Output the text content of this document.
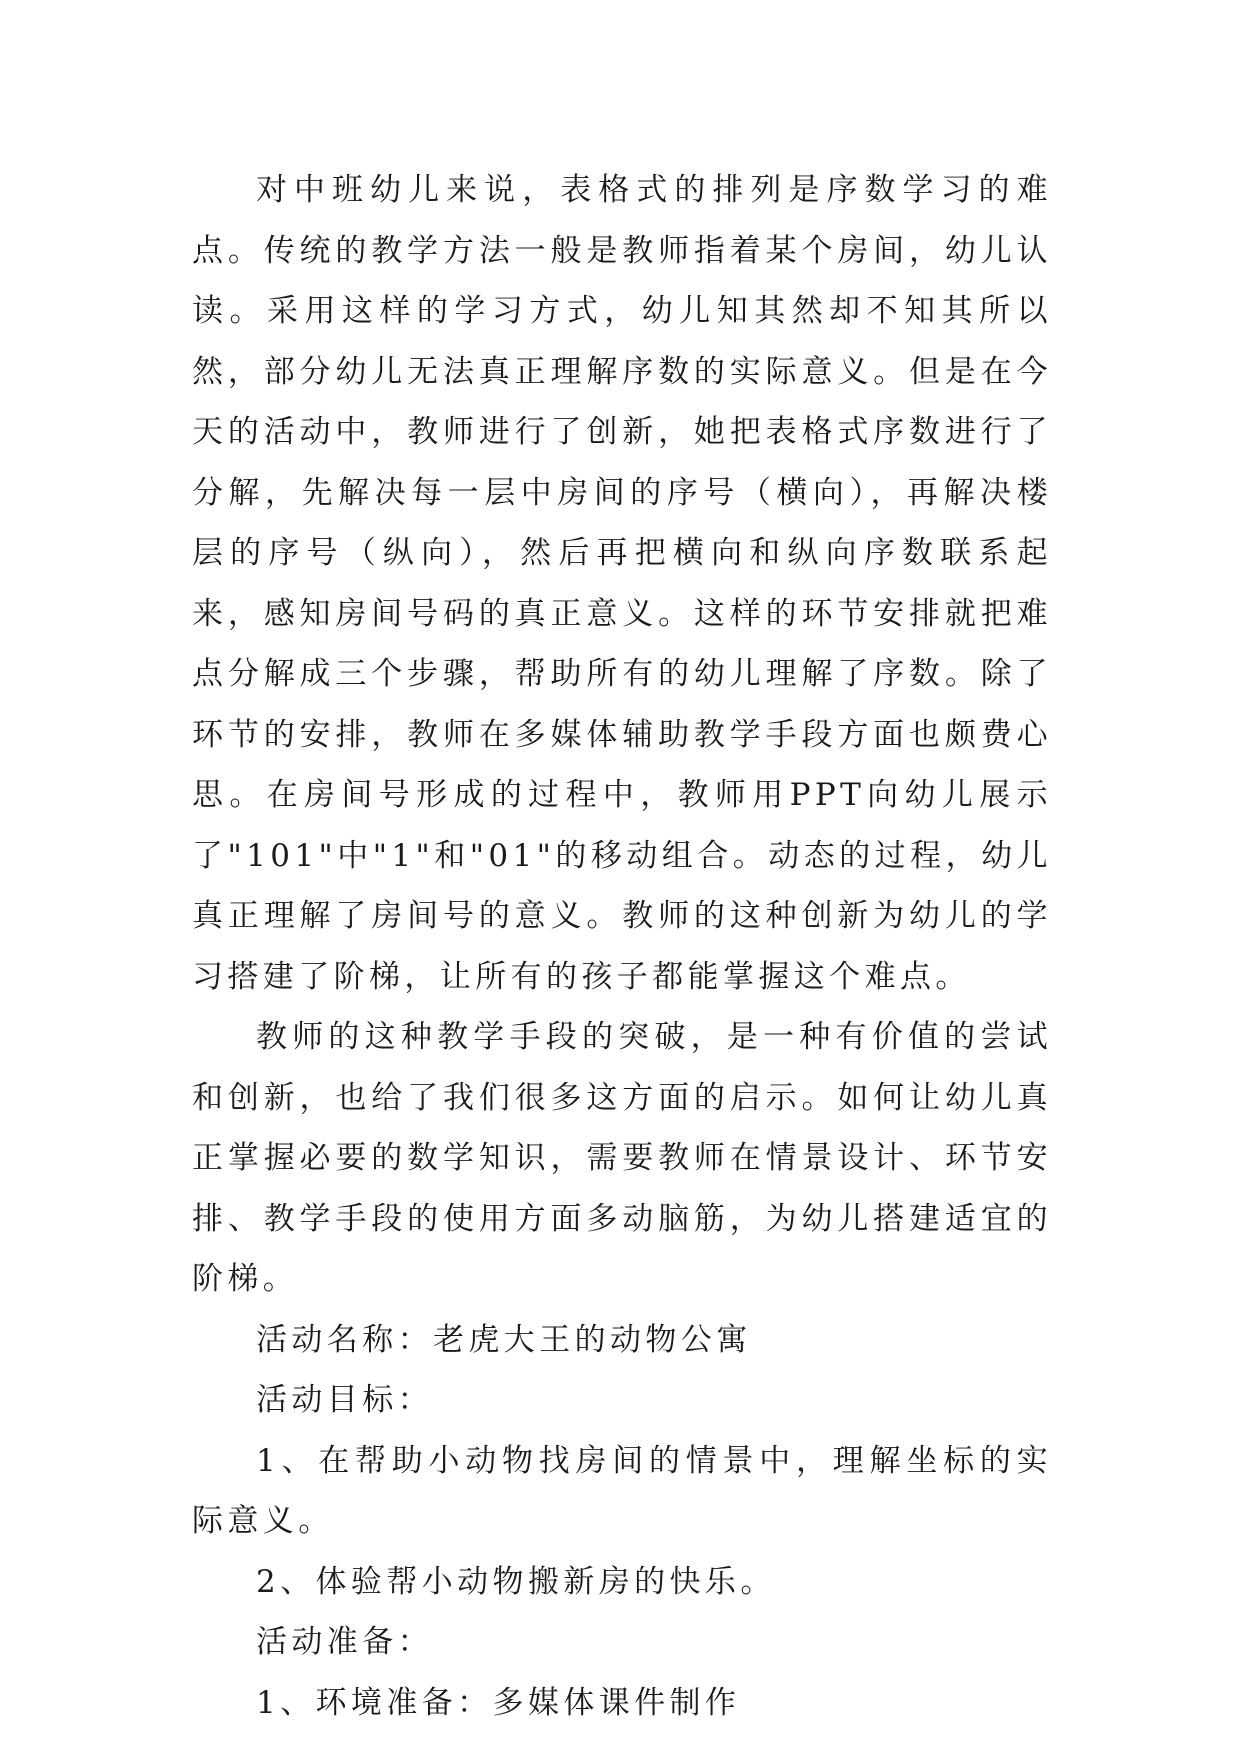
对中班幼儿来说，表格式的排列是序数学习的难点。传统的教学方法一般是教师指着某个房间，幼儿认读。采用这样的学习方式，幼儿知其然却不知其所以然，部分幼儿无法真正理解序数的实际意义。但是在今天的活动中，教师进行了创新，她把表格式序数进行了分解，先解决每一层中房间的序号（横向），再解决楼层的序号（纵向），然后再把横向和纵向序数联系起来，感知房间号码的真正意义。这样的环节安排就把难点分解成三个步骤，帮助所有的幼儿理解了序数。除了环节的安排，教师在多媒体辅助教学手段方面也颇费心思。在房间号形成的过程中，教师用PPT向幼儿展示了"101"中"1"和"01"的移动组合。动态的过程，幼儿真正理解了房间号的意义。教师的这种创新为幼儿的学习搭建了阶梯，让所有的孩子都能掌握这个难点。

教师的这种教学手段的突破，是一种有价值的尝试和创新，也给了我们很多这方面的启示。如何让幼儿真正掌握必要的数学知识，需要教师在情景设计、环节安排、教学手段的使用方面多动脑筋，为幼儿搭建适宜的阶梯。

活动名称：老虎大王的动物公寓

活动目标：

1、在帮助小动物找房间的情景中，理解坐标的实际意义。

2、体验帮小动物搬新房的快乐。

活动准备：

1、环境准备：多媒体课件制作
